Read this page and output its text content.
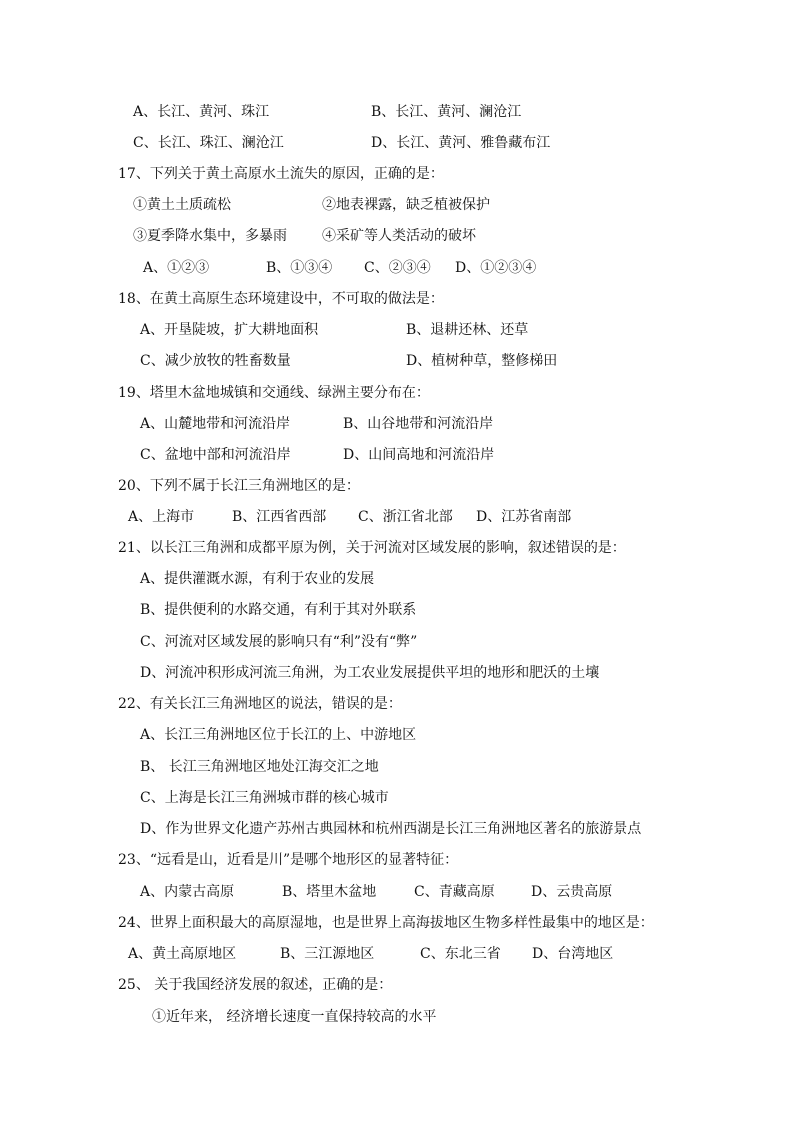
A、长江、黄河、珠江	B、长江、黄河、澜沧江
C、长江、珠江、澜沧江	D、长江、黄河、雅鲁藏布江
17、下列关于黄土高原水土流失的原因，正确的是：
①黄土土质疏松	②地表裸露，缺乏植被保护
③夏季降水集中，多暴雨	④采矿等人类活动的破坏
A、①②③	B、①③④ C、②③④ D、①②③④
18、在黄土高原生态环境建设中，不可取的做法是：
A、开垦陡坡，扩大耕地面积	B、退耕还林、还草
C、减少放牧的牲畜数量	D、植树种草，整修梯田
19、塔里木盆地城镇和交通线、绿洲主要分布在：
A、山麓地带和河流沿岸	B、山谷地带和河流沿岸
C、盆地中部和河流沿岸	D、山间高地和河流沿岸
20、下列不属于长江三角洲地区的是：
A、上海市	B、江西省西部 C、浙江省北部 D、江苏省南部
21、以长江三角洲和成都平原为例，关于河流对区域发展的影响，叙述错误的是：
A、提供灌溉水源，有利于农业的发展
B、提供便利的水路交通，有利于其对外联系
C、河流对区域发展的影响只有“利”没有“弊”
D、河流冲积形成河流三角洲，为工农业发展提供平坦的地形和肥沃的土壤
22、有关长江三角洲地区的说法，错误的是：
A、长江三角洲地区位于长江的上、中游地区
B、 长江三角洲地区地处江海交汇之地
C、上海是长江三角洲城市群的核心城市
D、作为世界文化遗产苏州古典园林和杭州西湖是长江三角洲地区著名的旅游景点
23、“远看是山，近看是川”是哪个地形区的显著特征：
A、内蒙古高原	B、塔里木盆地	C、青藏高原	D、云贵高原
24、世界上面积最大的高原湿地，也是世界上高海拔地区生物多样性最集中的地区是：
A、黄土高原地区	B、三江源地区	C、东北三省 D、台湾地区
25、 关于我国经济发展的叙述，正确的是：
①近年来， 经济增长速度一直保持较高的水平
